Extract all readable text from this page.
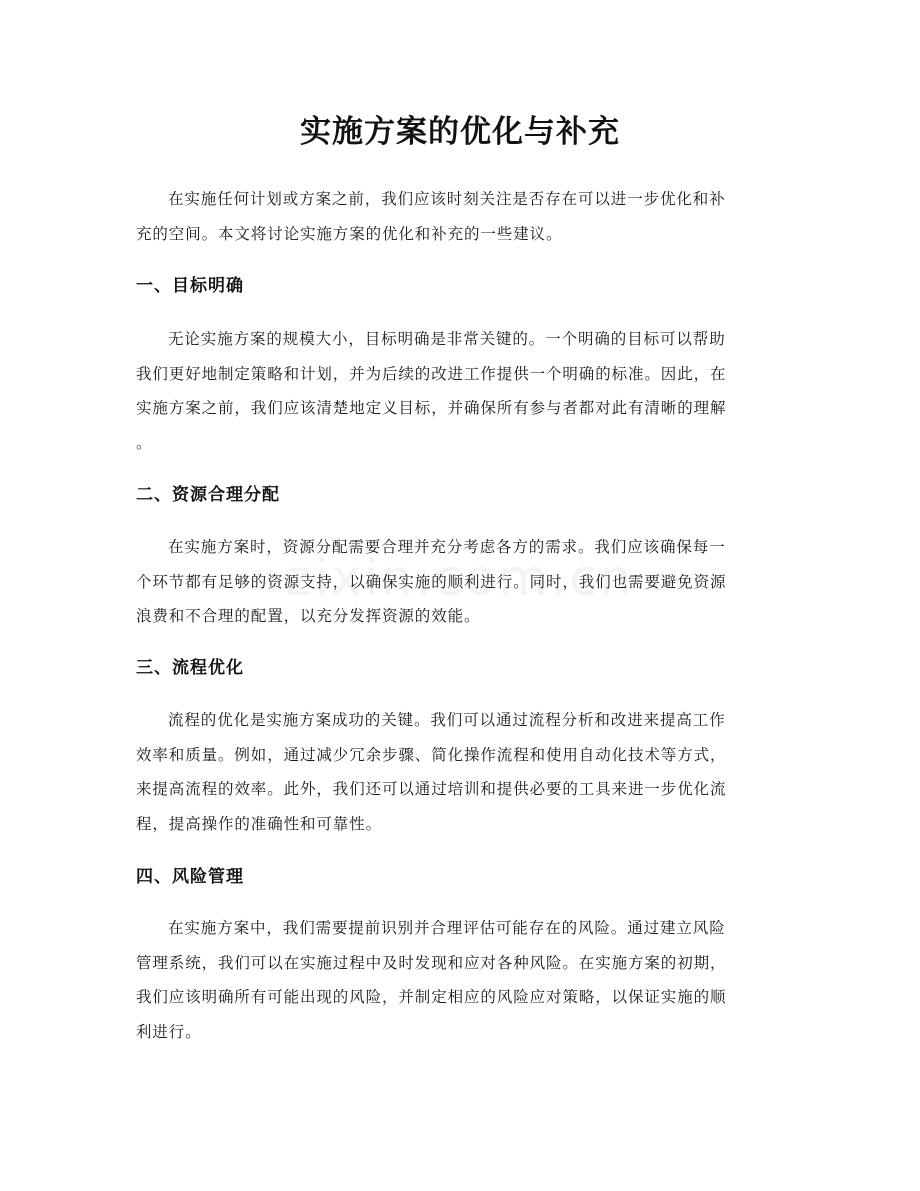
实施方案的优化与补充
在实施任何计划或方案之前，我们应该时刻关注是否存在可以进一步优化和补
充的空间。本文将讨论实施方案的优化和补充的一些建议。
一、目标明确
无论实施方案的规模大小，目标明确是非常关键的。一个明确的目标可以帮助
我们更好地制定策略和计划，并为后续的改进工作提供一个明确的标准。因此，在
实施方案之前，我们应该清楚地定义目标，并确保所有参与者都对此有清晰的理解
。
二、资源合理分配
在实施方案时，资源分配需要合理并充分考虑各方的需求。我们应该确保每一
个环节都有足够的资源支持，以确保实施的顺利进行。同时，我们也需要避免资源
浪费和不合理的配置，以充分发挥资源的效能。
三、流程优化
流程的优化是实施方案成功的关键。我们可以通过流程分析和改进来提高工作
效率和质量。例如，通过减少冗余步骤、简化操作流程和使用自动化技术等方式，
来提高流程的效率。此外，我们还可以通过培训和提供必要的工具来进一步优化流
程，提高操作的准确性和可靠性。
四、风险管理
在实施方案中，我们需要提前识别并合理评估可能存在的风险。通过建立风险
管理系统，我们可以在实施过程中及时发现和应对各种风险。在实施方案的初期，
我们应该明确所有可能出现的风险，并制定相应的风险应对策略，以保证实施的顺
利进行。
